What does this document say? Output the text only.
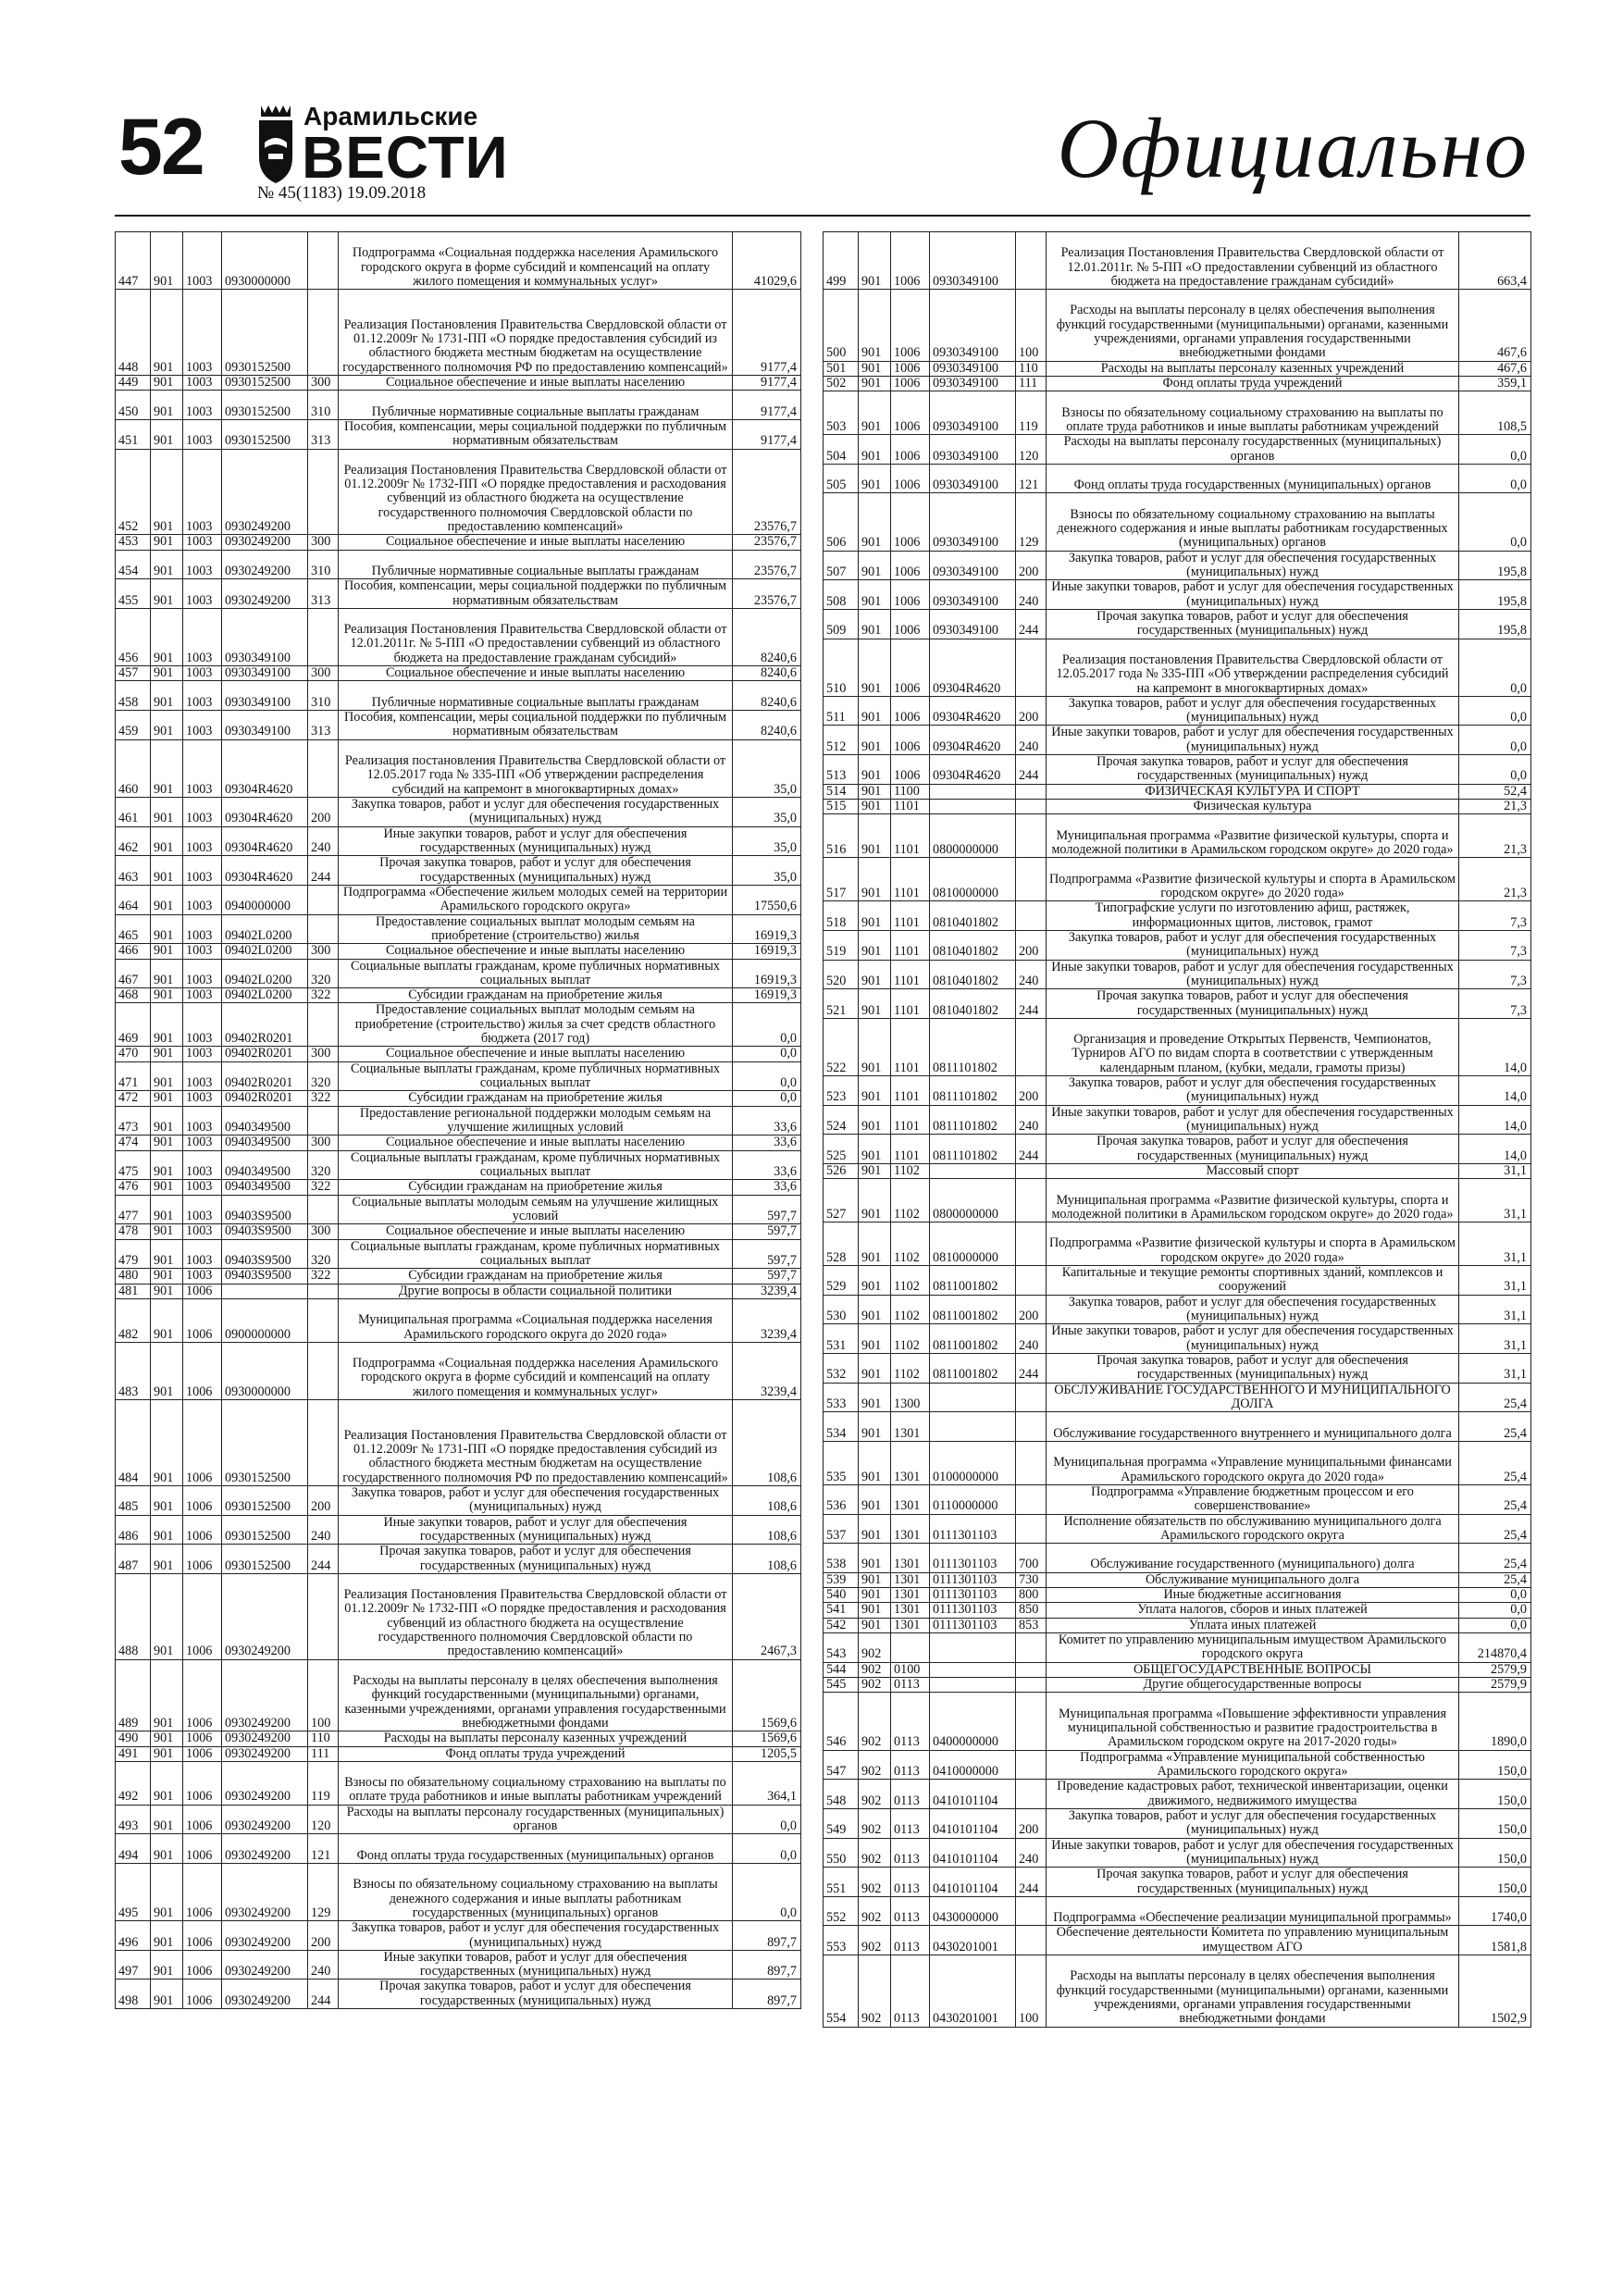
52	Арамильские
ВЕСТИ
№ 45(1183) 19.09.2018	Официально
447	901	1003	0930000000		Подпрограмма «Социальная поддержка населения Арамильского городского округа в форме субсидий и компенсаций на оплату жилого помещения и коммунальных услуг»	41029,6
448	901	1003	0930152500		Реализация Постановления Правительства Свердловской области от 01.12.2009г № 1731-ПП «О порядке предоставления субсидий из областного бюджета местным бюджетам на осуществление государственного полномочия РФ по предоставлению компенсаций»	9177,4
449	901	1003	0930152500	300	Социальное обеспечение и иные выплаты населению	9177,4
450	901	1003	0930152500	310	Публичные нормативные социальные выплаты гражданам	9177,4
451	901	1003	0930152500	313	Пособия, компенсации, меры социальной поддержки по публичным нормативным обязательствам	9177,4
452	901	1003	0930249200		Реализация Постановления Правительства Свердловской области от 01.12.2009г № 1732-ПП «О порядке предоставления и расходования субвенций из областного бюджета на осуществление государственного полномочия Свердловской области по предоставлению компенсаций»	23576,7
453	901	1003	0930249200	300	Социальное обеспечение и иные выплаты населению	23576,7
454	901	1003	0930249200	310	Публичные нормативные социальные выплаты гражданам	23576,7
455	901	1003	0930249200	313	Пособия, компенсации, меры социальной поддержки по публичным нормативным обязательствам	23576,7
456	901	1003	0930349100		Реализация Постановления Правительства Свердловской области от 12.01.2011г. № 5-ПП «О предоставлении субвенций из областного бюджета на предоставление гражданам субсидий»	8240,6
457	901	1003	0930349100	300	Социальное обеспечение и иные выплаты населению	8240,6
458	901	1003	0930349100	310	Публичные нормативные социальные выплаты гражданам	8240,6
459	901	1003	0930349100	313	Пособия, компенсации, меры социальной поддержки по публичным нормативным обязательствам	8240,6
460	901	1003	09304R4620		Реализация постановления Правительства Свердловской области от 12.05.2017 года № 335-ПП «Об утверждении распределения субсидий на капремонт в многоквартирных домах»	35,0
461	901	1003	09304R4620	200	Закупка товаров, работ и услуг для обеспечения государственных (муниципальных) нужд	35,0
462	901	1003	09304R4620	240	Иные закупки товаров, работ и услуг для обеспечения государственных (муниципальных) нужд	35,0
463	901	1003	09304R4620	244	Прочая закупка товаров, работ и услуг для обеспечения государственных (муниципальных) нужд	35,0
464	901	1003	0940000000		Подпрограмма «Обеспечение жильем молодых семей на территории Арамильского городского округа»	17550,6
465	901	1003	09402L0200		Предоставление социальных выплат молодым семьям на приобретение (строительство) жилья	16919,3
466	901	1003	09402L0200	300	Социальное обеспечение и иные выплаты населению	16919,3
467	901	1003	09402L0200	320	Социальные выплаты гражданам, кроме публичных нормативных социальных выплат	16919,3
468	901	1003	09402L0200	322	Субсидии гражданам на приобретение жилья	16919,3
469	901	1003	09402R0201		Предоставление социальных выплат молодым семьям на приобретение (строительство) жилья за счет средств областного бюджета (2017 год)	0,0
470	901	1003	09402R0201	300	Социальное обеспечение и иные выплаты населению	0,0
471	901	1003	09402R0201	320	Социальные выплаты гражданам, кроме публичных нормативных социальных выплат	0,0
472	901	1003	09402R0201	322	Субсидии гражданам на приобретение жилья	0,0
473	901	1003	0940349500		Предоставление региональной поддержки молодым семьям на улучшение жилищных условий	33,6
474	901	1003	0940349500	300	Социальное обеспечение и иные выплаты населению	33,6
475	901	1003	0940349500	320	Социальные выплаты гражданам, кроме публичных нормативных социальных выплат	33,6
476	901	1003	0940349500	322	Субсидии гражданам на приобретение жилья	33,6
477	901	1003	09403S9500		Социальные выплаты молодым семьям на улучшение жилищных условий	597,7
478	901	1003	09403S9500	300	Социальное обеспечение и иные выплаты населению	597,7
479	901	1003	09403S9500	320	Социальные выплаты гражданам, кроме публичных нормативных социальных выплат	597,7
480	901	1003	09403S9500	322	Субсидии гражданам на приобретение жилья	597,7
481	901	1006			Другие вопросы в области социальной политики	3239,4
482	901	1006	0900000000		Муниципальная программа «Социальная поддержка населения Арамильского городского округа до 2020 года»	3239,4
483	901	1006	0930000000		Подпрограмма «Социальная поддержка населения Арамильского городского округа в форме субсидий и компенсаций на оплату жилого помещения и коммунальных услуг»	3239,4
484	901	1006	0930152500		Реализация Постановления Правительства Свердловской области от 01.12.2009г № 1731-ПП «О порядке предоставления субсидий из областного бюджета местным бюджетам на осуществление государственного полномочия РФ по предоставлению компенсаций»	108,6
485	901	1006	0930152500	200	Закупка товаров, работ и услуг для обеспечения государственных (муниципальных) нужд	108,6
486	901	1006	0930152500	240	Иные закупки товаров, работ и услуг для обеспечения государственных (муниципальных) нужд	108,6
487	901	1006	0930152500	244	Прочая закупка товаров, работ и услуг для обеспечения государственных (муниципальных) нужд	108,6
488	901	1006	0930249200		Реализация Постановления Правительства Свердловской области от 01.12.2009г № 1732-ПП «О порядке предоставления и расходования субвенций из областного бюджета на осуществление государственного полномочия Свердловской области по предоставлению компенсаций»	2467,3
489	901	1006	0930249200	100	Расходы на выплаты персоналу в целях обеспечения выполнения функций государственными (муниципальными) органами, казенными учреждениями, органами управления государственными внебюджетными фондами	1569,6
490	901	1006	0930249200	110	Расходы на выплаты персоналу казенных учреждений	1569,6
491	901	1006	0930249200	111	Фонд оплаты труда учреждений	1205,5
492	901	1006	0930249200	119	Взносы по обязательному социальному страхованию на выплаты по оплате труда работников и иные выплаты работникам учреждений	364,1
493	901	1006	0930249200	120	Расходы на выплаты персоналу государственных (муниципальных) органов	0,0
494	901	1006	0930249200	121	Фонд оплаты труда государственных (муниципальных) органов	0,0
495	901	1006	0930249200	129	Взносы по обязательному социальному страхованию на выплаты денежного содержания и иные выплаты работникам государственных (муниципальных) органов	0,0
496	901	1006	0930249200	200	Закупка товаров, работ и услуг для обеспечения государственных (муниципальных) нужд	897,7
497	901	1006	0930249200	240	Иные закупки товаров, работ и услуг для обеспечения государственных (муниципальных) нужд	897,7
498	901	1006	0930249200	244	Прочая закупка товаров, работ и услуг для обеспечения государственных (муниципальных) нужд	897,7
499	901	1006	0930349100		Реализация Постановления Правительства Свердловской области от 12.01.2011г. № 5-ПП «О предоставлении субвенций из областного бюджета на предоставление гражданам субсидий»	663,4
500	901	1006	0930349100	100	Расходы на выплаты персоналу в целях обеспечения выполнения функций государственными (муниципальными) органами, казенными учреждениями, органами управления государственными внебюджетными фондами	467,6
501	901	1006	0930349100	110	Расходы на выплаты персоналу казенных учреждений	467,6
502	901	1006	0930349100	111	Фонд оплаты труда учреждений	359,1
503	901	1006	0930349100	119	Взносы по обязательному социальному страхованию на выплаты по оплате труда работников и иные выплаты работникам учреждений	108,5
504	901	1006	0930349100	120	Расходы на выплаты персоналу государственных (муниципальных) органов	0,0
505	901	1006	0930349100	121	Фонд оплаты труда государственных (муниципальных) органов	0,0
506	901	1006	0930349100	129	Взносы по обязательному социальному страхованию на выплаты денежного содержания и иные выплаты работникам государственных (муниципальных) органов	0,0
507	901	1006	0930349100	200	Закупка товаров, работ и услуг для обеспечения государственных (муниципальных) нужд	195,8
508	901	1006	0930349100	240	Иные закупки товаров, работ и услуг для обеспечения государственных (муниципальных) нужд	195,8
509	901	1006	0930349100	244	Прочая закупка товаров, работ и услуг для обеспечения государственных (муниципальных) нужд	195,8
510	901	1006	09304R4620		Реализация постановления Правительства Свердловской области от 12.05.2017 года № 335-ПП «Об утверждении распределения субсидий на капремонт в многоквартирных домах»	0,0
511	901	1006	09304R4620	200	Закупка товаров, работ и услуг для обеспечения государственных (муниципальных) нужд	0,0
512	901	1006	09304R4620	240	Иные закупки товаров, работ и услуг для обеспечения государственных (муниципальных) нужд	0,0
513	901	1006	09304R4620	244	Прочая закупка товаров, работ и услуг для обеспечения государственных (муниципальных) нужд	0,0
514	901	1100			ФИЗИЧЕСКАЯ КУЛЬТУРА И СПОРТ	52,4
515	901	1101			Физическая культура	21,3
516	901	1101	0800000000		Муниципальная программа «Развитие физической культуры, спорта и молодежной политики в Арамильском городском округе» до 2020 года»	21,3
517	901	1101	0810000000		Подпрограмма «Развитие физической культуры и спорта в Арамильском городском округе» до 2020 года»	21,3
518	901	1101	0810401802		Типографские услуги по изготовлению афиш, растяжек, информационных щитов, листовок, грамот	7,3
519	901	1101	0810401802	200	Закупка товаров, работ и услуг для обеспечения государственных (муниципальных) нужд	7,3
520	901	1101	0810401802	240	Иные закупки товаров, работ и услуг для обеспечения государственных (муниципальных) нужд	7,3
521	901	1101	0810401802	244	Прочая закупка товаров, работ и услуг для обеспечения государственных (муниципальных) нужд	7,3
522	901	1101	0811101802		Организация и проведение Открытых Первенств, Чемпионатов, Турниров АГО по видам спорта в соответствии с утвержденным календарным планом, (кубки, медали, грамоты призы)	14,0
523	901	1101	0811101802	200	Закупка товаров, работ и услуг для обеспечения государственных (муниципальных) нужд	14,0
524	901	1101	0811101802	240	Иные закупки товаров, работ и услуг для обеспечения государственных (муниципальных) нужд	14,0
525	901	1101	0811101802	244	Прочая закупка товаров, работ и услуг для обеспечения государственных (муниципальных) нужд	14,0
526	901	1102			Массовый спорт	31,1
527	901	1102	0800000000		Муниципальная программа «Развитие физической культуры, спорта и молодежной политики в Арамильском городском округе» до 2020 года»	31,1
528	901	1102	0810000000		Подпрограмма «Развитие физической культуры и спорта в Арамильском городском округе» до 2020 года»	31,1
529	901	1102	0811001802		Капитальные и текущие ремонты спортивных зданий, комплексов и сооружений	31,1
530	901	1102	0811001802	200	Закупка товаров, работ и услуг для обеспечения государственных (муниципальных) нужд	31,1
531	901	1102	0811001802	240	Иные закупки товаров, работ и услуг для обеспечения государственных (муниципальных) нужд	31,1
532	901	1102	0811001802	244	Прочая закупка товаров, работ и услуг для обеспечения государственных (муниципальных) нужд	31,1
533	901	1300			ОБСЛУЖИВАНИЕ ГОСУДАРСТВЕННОГО И МУНИЦИПАЛЬНОГО ДОЛГА	25,4
534	901	1301			Обслуживание государственного внутреннего и муниципального долга	25,4
535	901	1301	0100000000		Муниципальная программа «Управление муниципальными финансами Арамильского городского округа до 2020 года»	25,4
536	901	1301	0110000000		Подпрограмма «Управление бюджетным процессом и его совершенствование»	25,4
537	901	1301	0111301103		Исполнение обязательств по обслуживанию муниципального долга Арамильского городского округа	25,4
538	901	1301	0111301103	700	Обслуживание государственного (муниципального) долга	25,4
539	901	1301	0111301103	730	Обслуживание муниципального долга	25,4
540	901	1301	0111301103	800	Иные бюджетные ассигнования	0,0
541	901	1301	0111301103	850	Уплата налогов, сборов и иных платежей	0,0
542	901	1301	0111301103	853	Уплата иных платежей	0,0
543	902				Комитет по управлению муниципальным имуществом Арамильского городского округа	214870,4
544	902	0100			ОБЩЕГОСУДАРСТВЕННЫЕ ВОПРОСЫ	2579,9
545	902	0113			Другие общегосударственные вопросы	2579,9
546	902	0113	0400000000		Муниципальная программа «Повышение эффективности управления муниципальной собственностью и развитие градостроительства в Арамильском городском округе на 2017-2020 годы»	1890,0
547	902	0113	0410000000		Подпрограмма «Управление муниципальной собственностью Арамильского городского округа»	150,0
548	902	0113	0410101104		Проведение кадастровых работ, технической инвентаризации, оценки движимого, недвижимого имущества	150,0
549	902	0113	0410101104	200	Закупка товаров, работ и услуг для обеспечения государственных (муниципальных) нужд	150,0
550	902	0113	0410101104	240	Иные закупки товаров, работ и услуг для обеспечения государственных (муниципальных) нужд	150,0
551	902	0113	0410101104	244	Прочая закупка товаров, работ и услуг для обеспечения государственных (муниципальных) нужд	150,0
552	902	0113	0430000000		Подпрограмма «Обеспечение реализации муниципальной программы»	1740,0
553	902	0113	0430201001		Обеспечение деятельности Комитета по управлению муниципальным имуществом АГО	1581,8
554	902	0113	0430201001	100	Расходы на выплаты персоналу в целях обеспечения выполнения функций государственными (муниципальными) органами, казенными учреждениями, органами управления государственными внебюджетными фондами	1502,9
